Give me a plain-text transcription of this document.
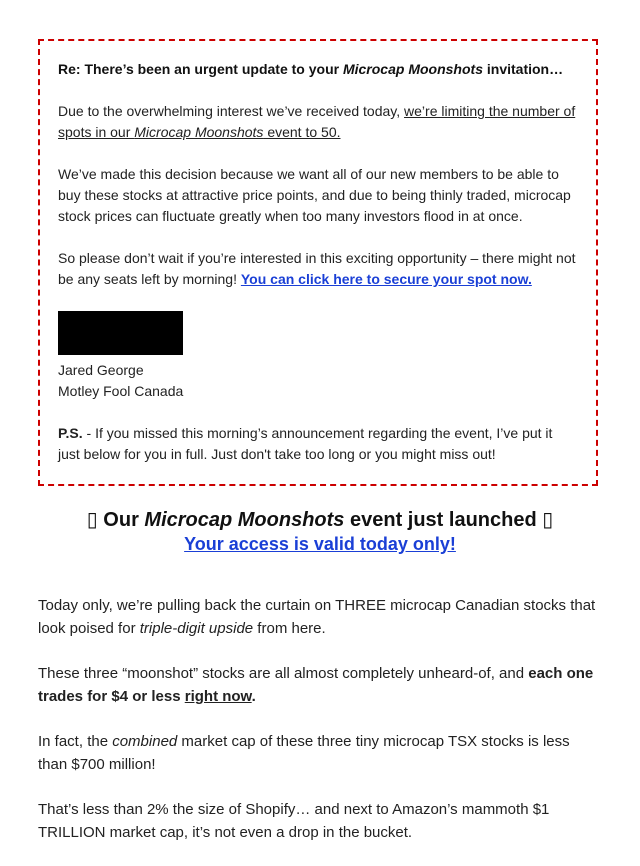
Re: There’s been an urgent update to your Microcap Moonshots invitation…

Due to the overwhelming interest we’ve received today, we’re limiting the number of spots in our Microcap Moonshots event to 50.

We’ve made this decision because we want all of our new members to be able to buy these stocks at attractive price points, and due to being thinly traded, microcap stock prices can fluctuate greatly when too many investors flood in at once.

So please don’t wait if you’re interested in this exciting opportunity – there might not be any seats left by morning! You can click here to secure your spot now.

Jared George

Motley Fool Canada

P.S. - If you missed this morning’s announcement regarding the event, I’ve put it just below for you in full. Just don't take too long or you might miss out!

▯ Our Microcap Moonshots event just launched ▯
Your access is valid today only!

Today only, we’re pulling back the curtain on THREE microcap Canadian stocks that look poised for triple-digit upside from here.

These three “moonshot” stocks are all almost completely unheard-of, and each one trades for $4 or less right now.

In fact, the combined market cap of these three tiny microcap TSX stocks is less than $700 million!

That’s less than 2% the size of Shopify… and next to Amazon’s mammoth $1 TRILLION market cap, it’s not even a drop in the bucket.
